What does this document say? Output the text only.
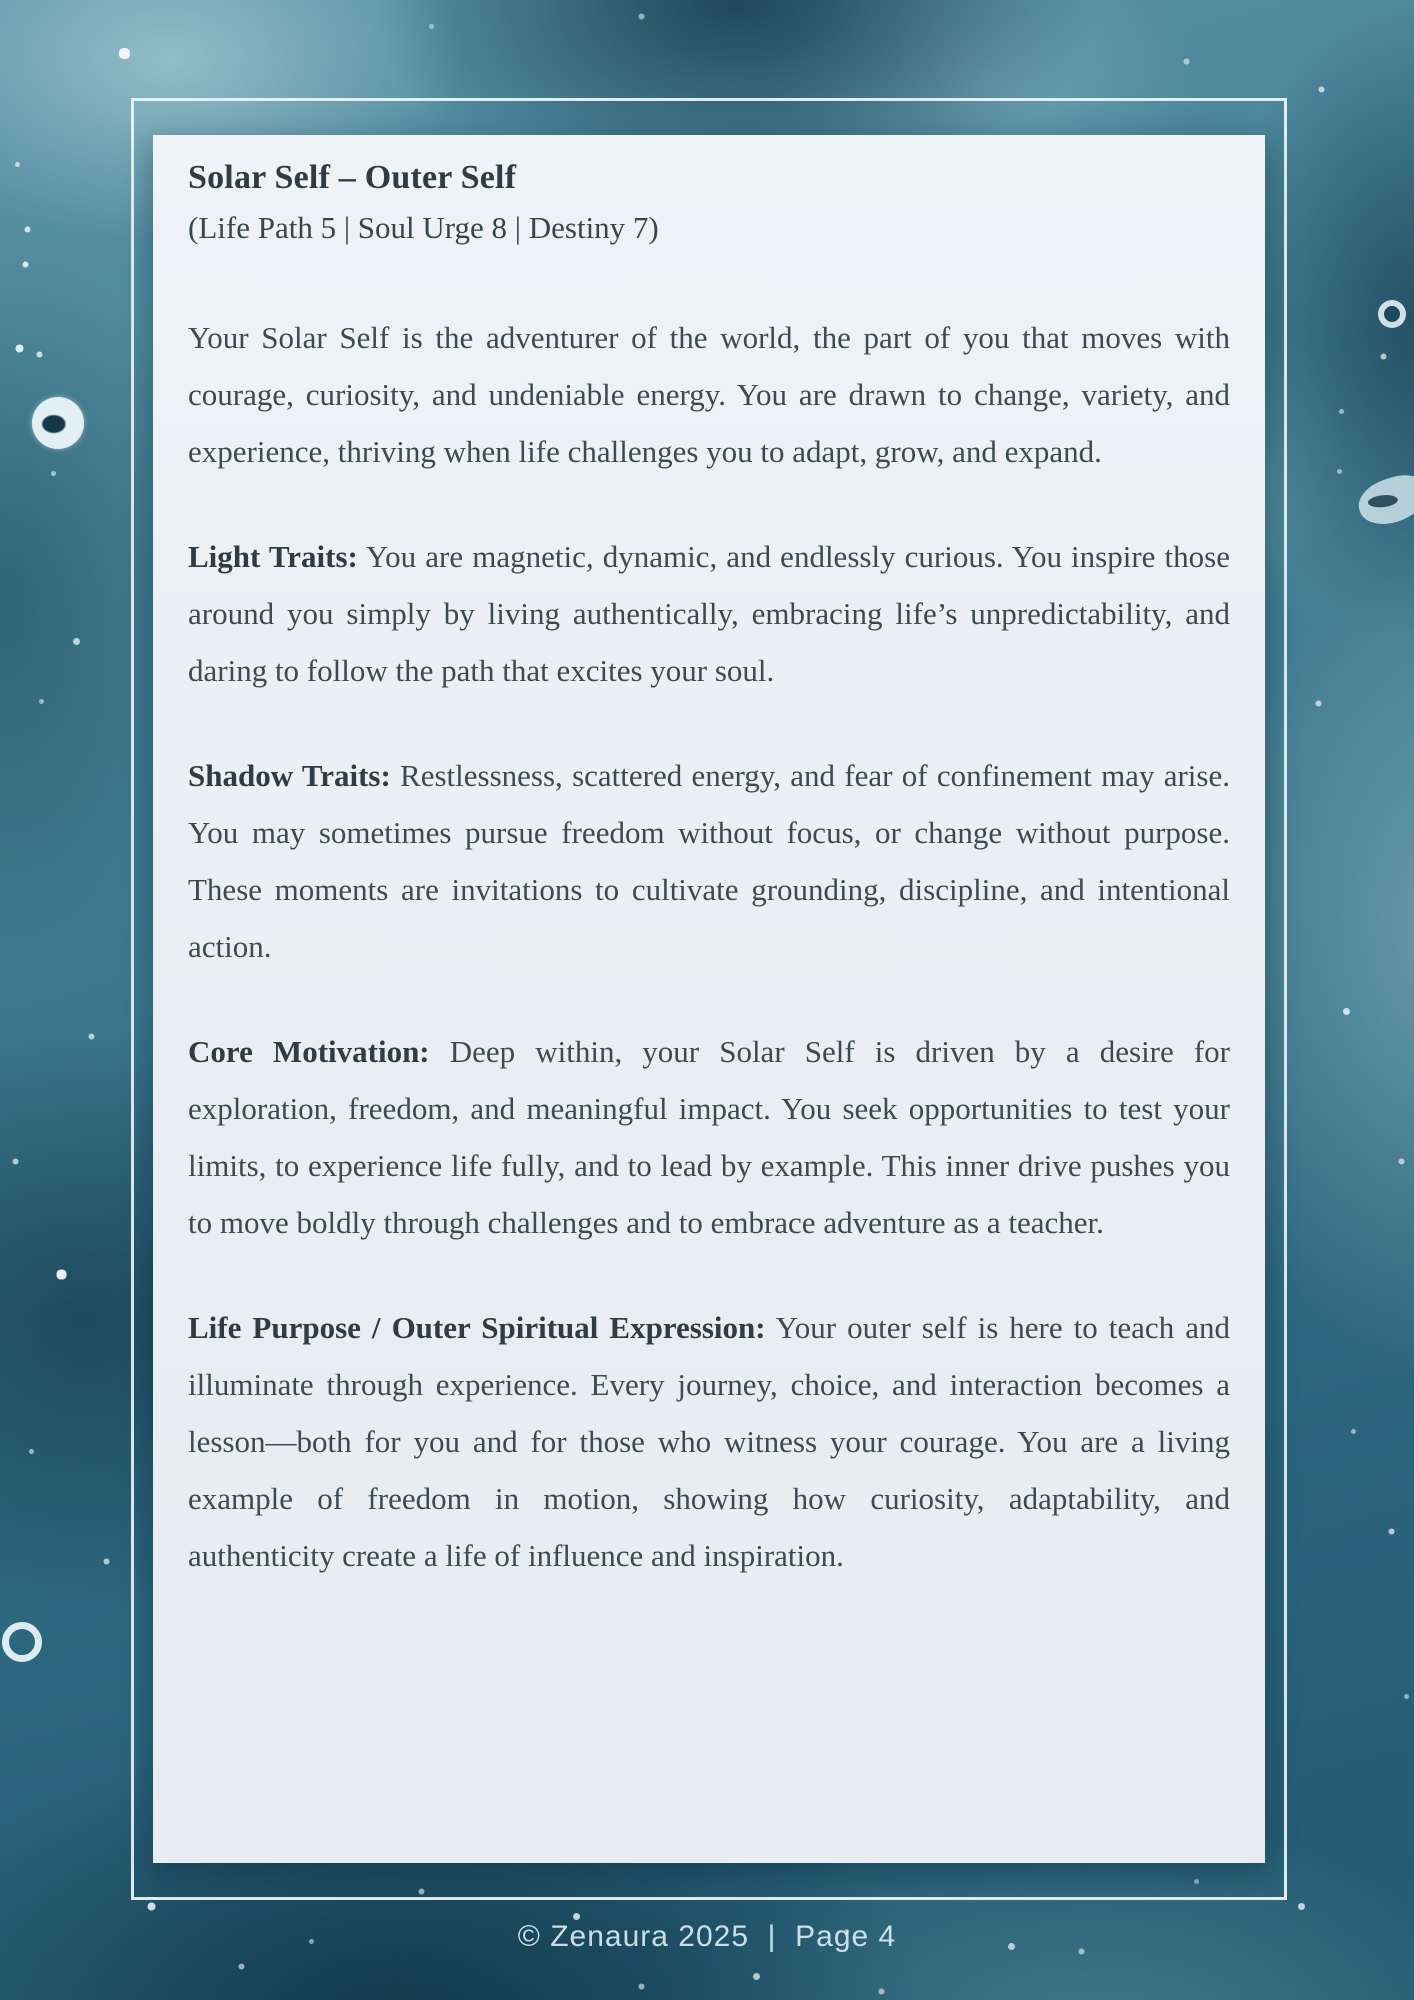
Solar Self – Outer Self
(Life Path 5 | Soul Urge 8 | Destiny 7)

Your Solar Self is the adventurer of the world, the part of you that moves with courage, curiosity, and undeniable energy. You are drawn to change, variety, and experience, thriving when life challenges you to adapt, grow, and expand.

Light Traits: You are magnetic, dynamic, and endlessly curious. You inspire those around you simply by living authentically, embracing life’s unpredictability, and daring to follow the path that excites your soul.

Shadow Traits: Restlessness, scattered energy, and fear of confinement may arise. You may sometimes pursue freedom without focus, or change without purpose. These moments are invitations to cultivate grounding, discipline, and intentional action.

Core Motivation: Deep within, your Solar Self is driven by a desire for exploration, freedom, and meaningful impact. You seek opportunities to test your limits, to experience life fully, and to lead by example. This inner drive pushes you to move boldly through challenges and to embrace adventure as a teacher.

Life Purpose / Outer Spiritual Expression: Your outer self is here to teach and illuminate through experience. Every journey, choice, and interaction becomes a lesson—both for you and for those who witness your courage. You are a living example of freedom in motion, showing how curiosity, adaptability, and authenticity create a life of influence and inspiration.

© Zenaura 2025  |  Page 4
